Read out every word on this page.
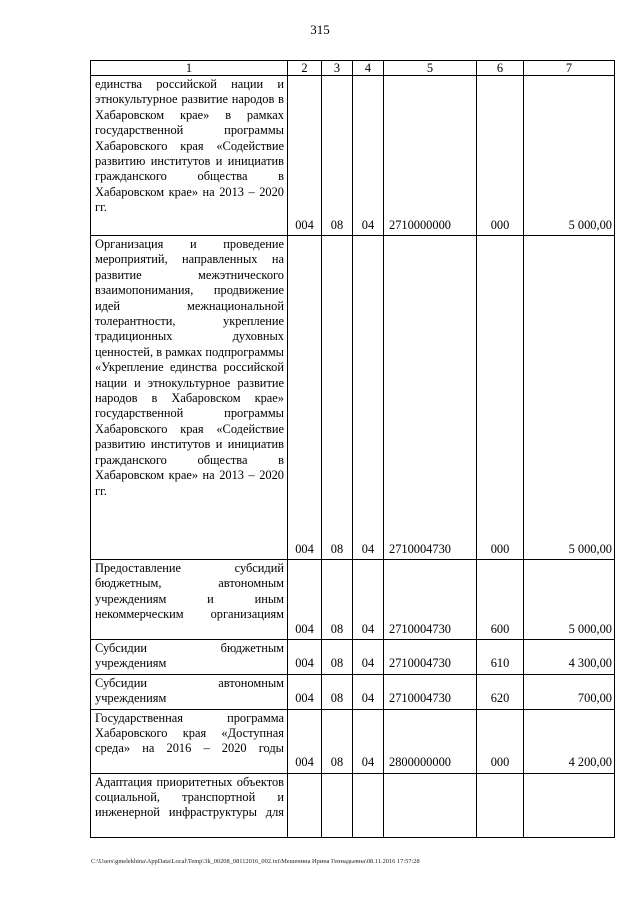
315
1	2	3	4	5	6	7
единства российской нации и этнокультурное развитие народов в Хабаровском крае» в рамках государственной программы Хабаровского края «Содействие развитию институтов и инициатив гражданского общества в Хабаровском крае» на 2013 – 2020 гг.	004	08	04	2710000000	000	5 000,00
Организация и проведение мероприятий, направленных на развитие межэтнического взаимопонимания, продвижение идей межнациональной толерантности, укрепление традиционных духовных ценностей, в рамках подпрограммы «Укрепление единства российской нации и этнокультурное развитие народов в Хабаровском крае» государственной программы Хабаровского края «Содействие развитию институтов и инициатив гражданского общества в Хабаровском крае» на 2013 – 2020 гг.	004	08	04	2710004730	000	5 000,00
Предоставление субсидий бюджетным, автономным учреждениям и иным некоммерческим организациям	004	08	04	2710004730	600	5 000,00
Субсидии бюджетным учреждениям	004	08	04	2710004730	610	4 300,00
Субсидии автономным учреждениям	004	08	04	2710004730	620	700,00
Государственная программа Хабаровского края «Доступная среда» на 2016 – 2020 годы	004	08	04	2800000000	000	4 200,00
Адаптация приоритетных объектов социальной, транспортной и инженерной инфраструктуры для						
C:\Users\gmelekhina\AppData\Local\Temp\3k_00208_08112016_002.txt\Мешенина Ирина Геннадьевна\08.11.2016 17:57:28
